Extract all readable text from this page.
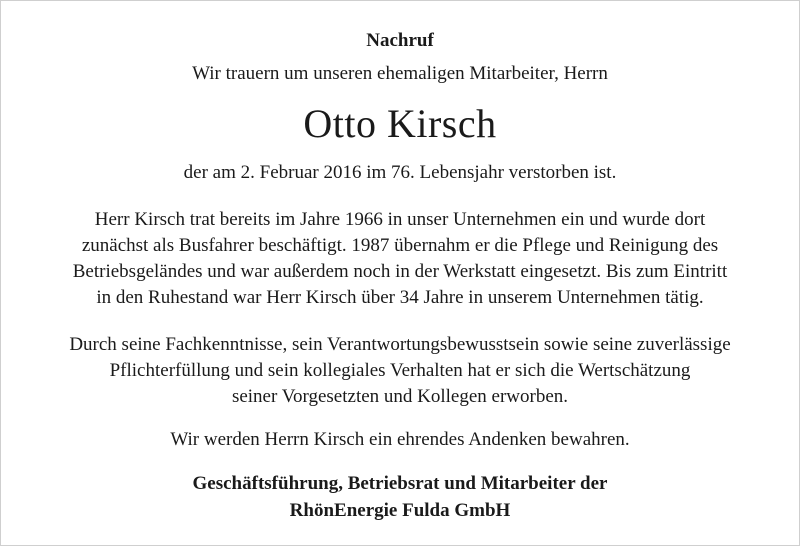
Nachruf
Wir trauern um unseren ehemaligen Mitarbeiter, Herrn
Otto Kirsch
der am 2. Februar 2016 im 76. Lebensjahr verstorben ist.
Herr Kirsch trat bereits im Jahre 1966 in unser Unternehmen ein und wurde dort
zunächst als Busfahrer beschäftigt. 1987 übernahm er die Pflege und Reinigung des
Betriebsgeländes und war außerdem noch in der Werkstatt eingesetzt. Bis zum Eintritt
in den Ruhestand war Herr Kirsch über 34 Jahre in unserem Unternehmen tätig.
Durch seine Fachkenntnisse, sein Verantwortungsbewusstsein sowie seine zuverlässige
Pflichterfüllung und sein kollegiales Verhalten hat er sich die Wertschätzung
seiner Vorgesetzten und Kollegen erworben.
Wir werden Herrn Kirsch ein ehrendes Andenken bewahren.
Geschäftsführung, Betriebsrat und Mitarbeiter der
RhönEnergie Fulda GmbH
